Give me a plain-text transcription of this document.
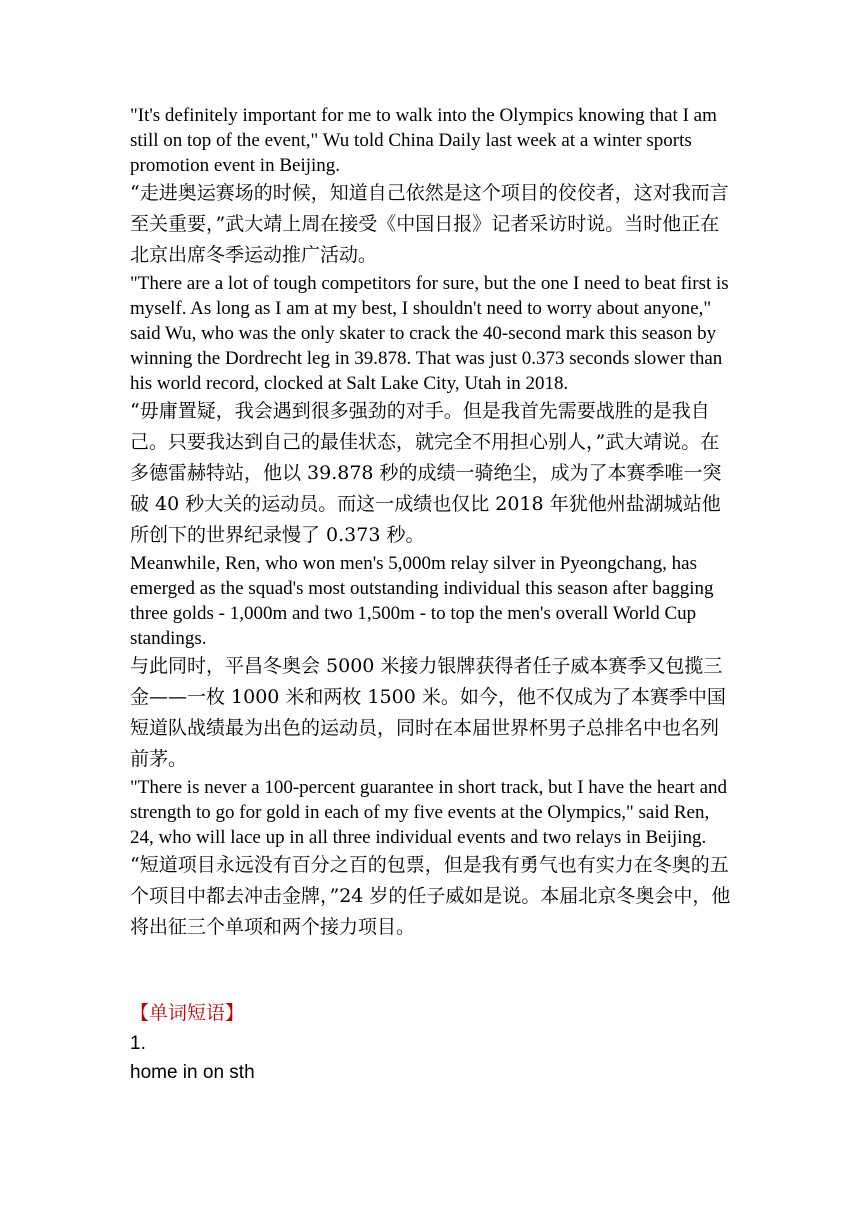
"It's definitely important for me to walk into the Olympics knowing that I am still on top of the event," Wu told China Daily last week at a winter sports promotion event in Beijing.

“走进奥运赛场的时候，知道自己依然是这个项目的佼佼者，这对我而言至关重要，”武大靖上周在接受《中国日报》记者采访时说。当时他正在北京出席冬季运动推广活动。

"There are a lot of tough competitors for sure, but the one I need to beat first is myself. As long as I am at my best, I shouldn't need to worry about anyone," said Wu, who was the only skater to crack the 40-second mark this season by winning the Dordrecht leg in 39.878. That was just 0.373 seconds slower than his world record, clocked at Salt Lake City, Utah in 2018.

“毋庸置疑，我会遇到很多强劲的对手。但是我首先需要战胜的是我自己。只要我达到自己的最佳状态，就完全不用担心别人，”武大靖说。在多德雷赫特站，他以 39.878 秒的成绩一骑绝尘，成为了本赛季唯一突破 40 秒大关的运动员。而这一成绩也仅比 2018 年犹他州盐湖城站他所创下的世界纪录慢了 0.373 秒。

Meanwhile, Ren, who won men's 5,000m relay silver in Pyeongchang, has emerged as the squad's most outstanding individual this season after bagging three golds - 1,000m and two 1,500m - to top the men's overall World Cup standings.

与此同时，平昌冬奥会 5000 米接力银牌获得者任子威本赛季又包揽三金——一枚 1000 米和两枚 1500 米。如今，他不仅成为了本赛季中国短道队战绩最为出色的运动员，同时在本届世界杯男子总排名中也名列前茅。

"There is never a 100-percent guarantee in short track, but I have the heart and strength to go for gold in each of my five events at the Olympics," said Ren, 24, who will lace up in all three individual events and two relays in Beijing.

“短道项目永远没有百分之百的包票，但是我有勇气也有实力在冬奥的五个项目中都去冲击金牌，”24 岁的任子威如是说。本届北京冬奥会中，他将出征三个单项和两个接力项目。

【单词短语】

1.

home in on sth
